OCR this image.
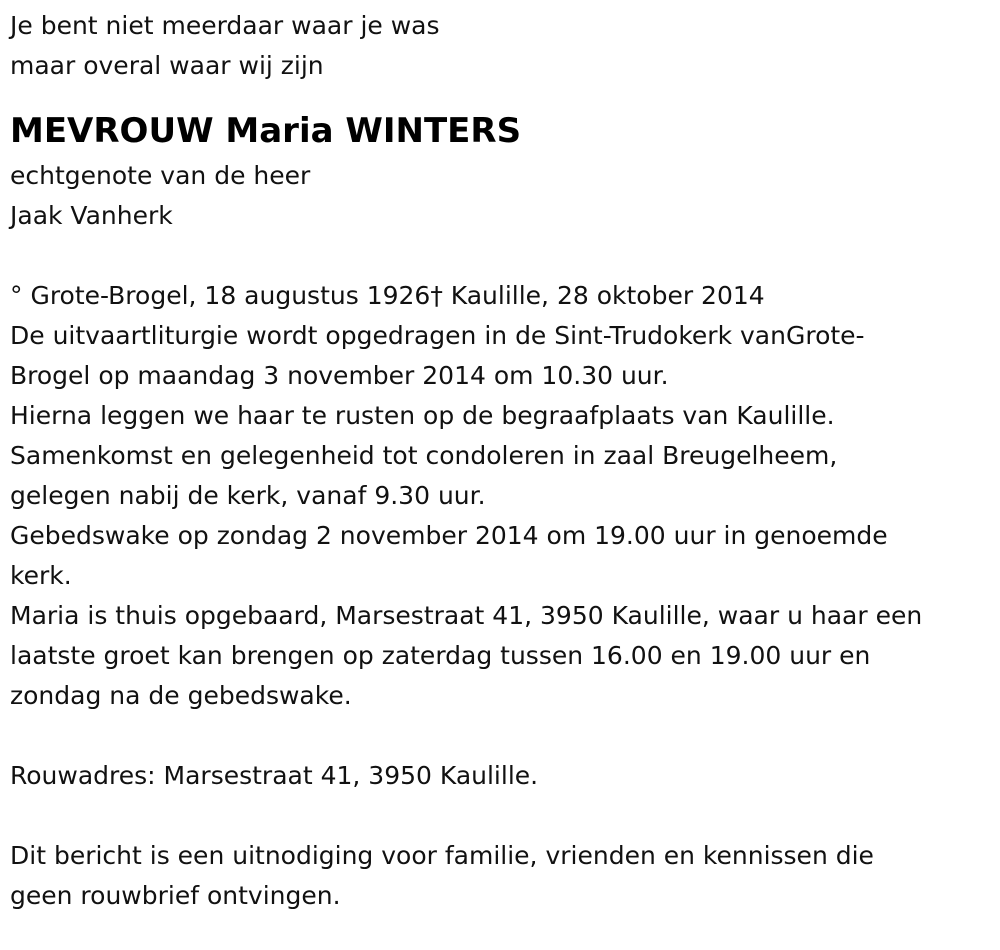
Je bent niet meerdaar waar je was
maar overal waar wij zijn
MEVROUW Maria WINTERS
echtgenote van de heer
Jaak Vanherk
° Grote-Brogel, 18 augustus 1926† Kaulille, 28 oktober 2014
De uitvaartliturgie wordt opgedragen in de Sint-Trudokerk vanGrote-
Brogel op maandag 3 november 2014 om 10.30 uur.
Hierna leggen we haar te rusten op de begraafplaats van Kaulille.
Samenkomst en gelegenheid tot condoleren in zaal Breugelheem,
gelegen nabij de kerk, vanaf 9.30 uur.
Gebedswake op zondag 2 november 2014 om 19.00 uur in genoemde
kerk.
Maria is thuis opgebaard, Marsestraat 41, 3950 Kaulille, waar u haar een
laatste groet kan brengen op zaterdag tussen 16.00 en 19.00 uur en
zondag na de gebedswake.
Rouwadres: Marsestraat 41, 3950 Kaulille.
Dit bericht is een uitnodiging voor familie, vrienden en kennissen die
geen rouwbrief ontvingen.
